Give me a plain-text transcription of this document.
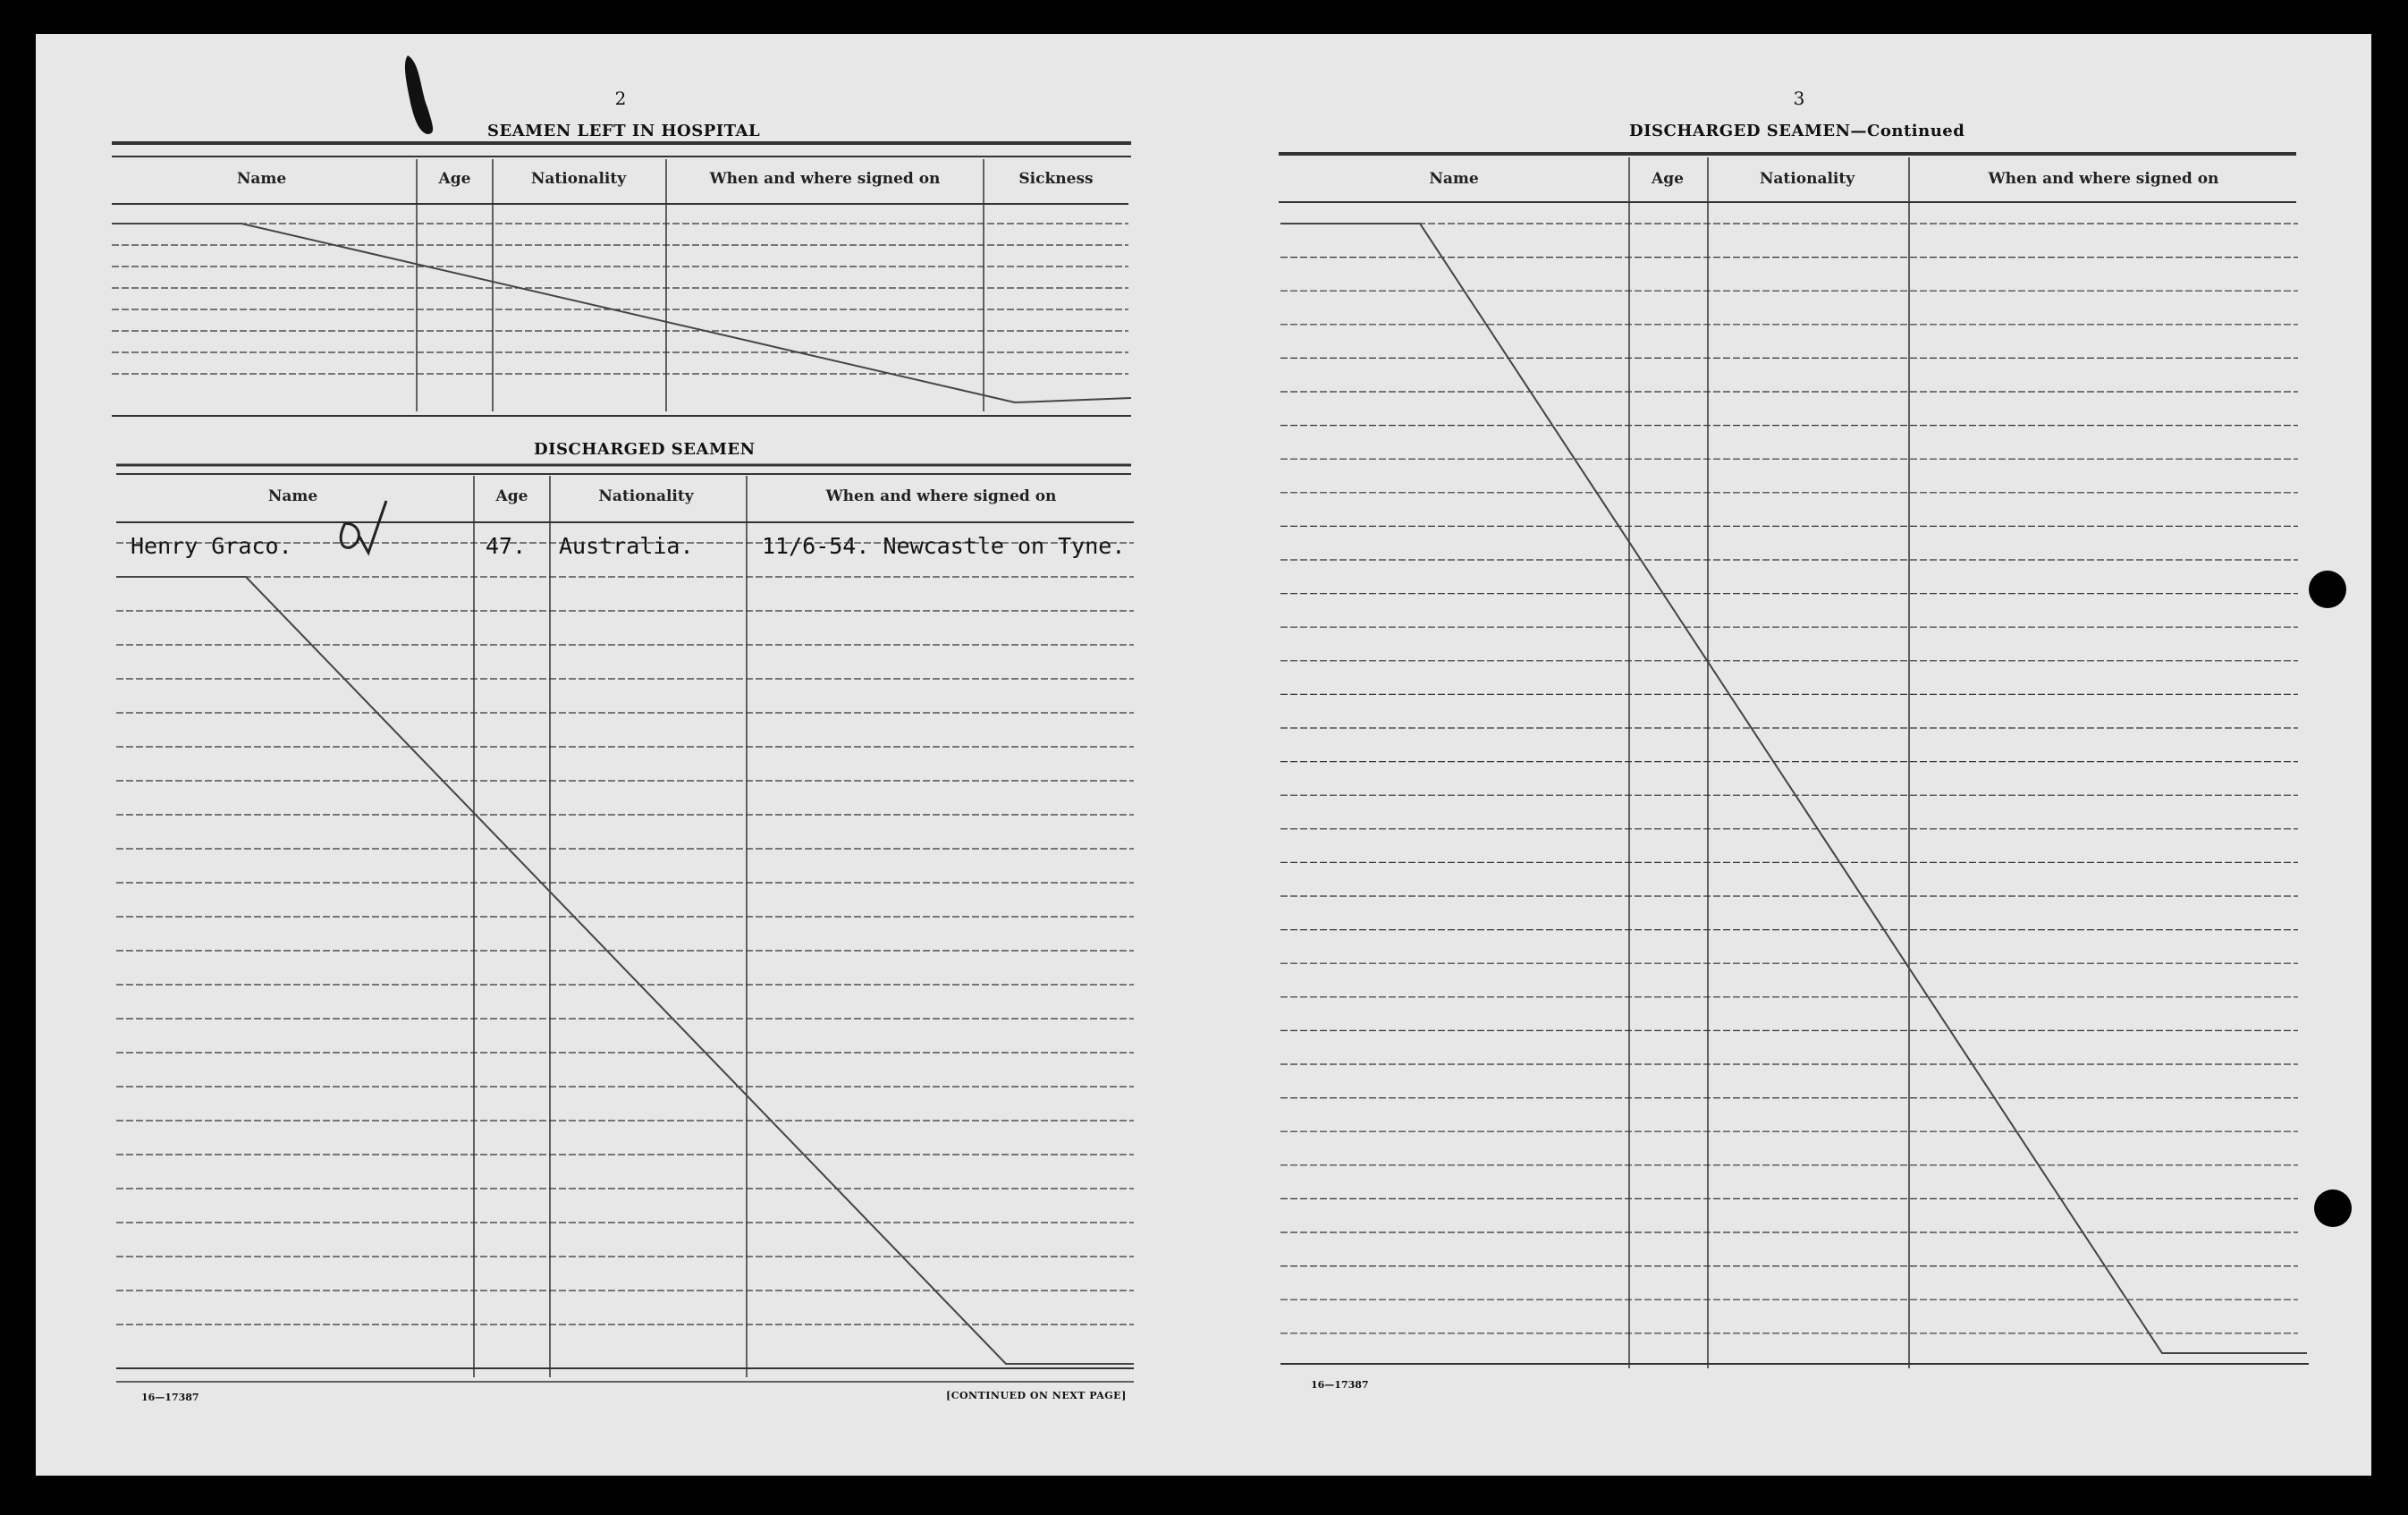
2
SEAMEN LEFT IN HOSPITAL
Name	Age	Nationality	When and where signed on	Sickness
DISCHARGED SEAMEN
Name	Age	Nationality	When and where signed on
Henry Graco.	47. Australia.	11/6-54. Newcastle on Tyne.
16—17387	[CONTINUED ON NEXT PAGE]
3
DISCHARGED SEAMEN—Continued
Name	Age	Nationality	When and where signed on
16—17387
